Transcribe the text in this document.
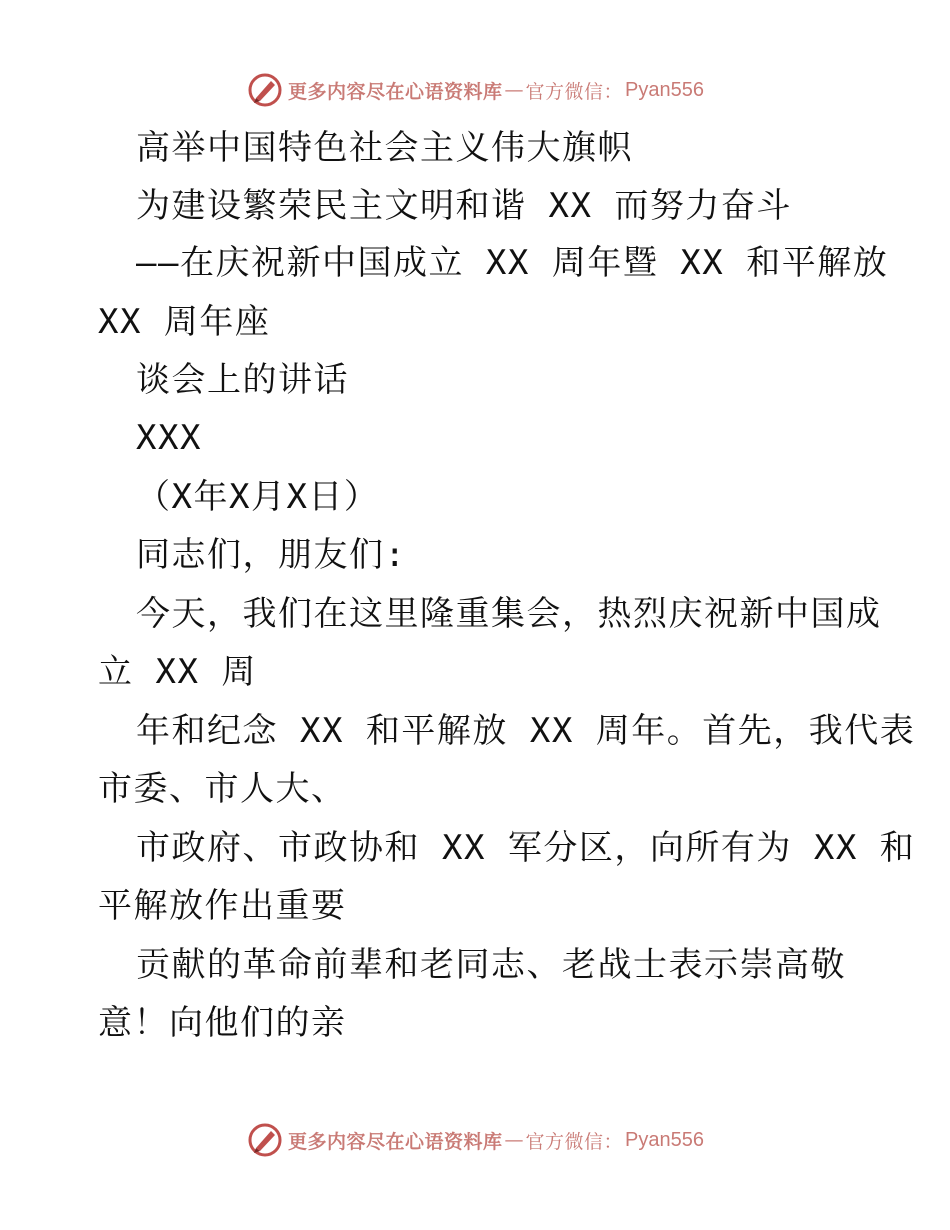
更多内容尽在心语资料库 — 官方微信： Pyan556
高举中国特色社会主义伟大旗帜
为建设繁荣民主文明和谐 XX 而努力奋斗
——在庆祝新中国成立 XX 周年暨 XX 和平解放
XX 周年座
谈会上的讲话
XXX
（X年X月X日）
同志们，朋友们:
今天，我们在这里隆重集会，热烈庆祝新中国成
立 XX 周
年和纪念 XX 和平解放 XX 周年。首先，我代表
市委、市人大、
市政府、市政协和 XX 军分区，向所有为 XX 和
平解放作出重要
贡献的革命前辈和老同志、老战士表示崇高敬
意！向他们的亲
更多内容尽在心语资料库 — 官方微信： Pyan556
